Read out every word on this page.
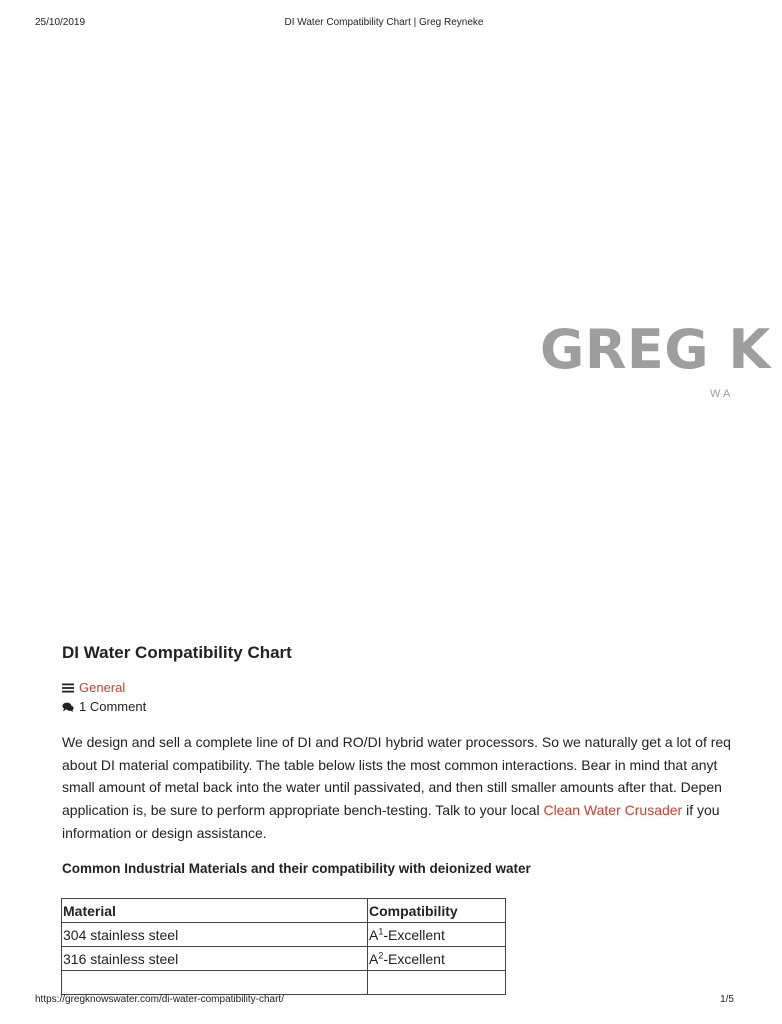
25/10/2019	DI Water Compatibility Chart | Greg Reyneke
GREG K
WA
DI Water Compatibility Chart
General
1 Comment

We design and sell a complete line of DI and RO/DI hybrid water processors. So we naturally get a lot of req
about DI material compatibility. The table below lists the most common interactions. Bear in mind that anyt
small amount of metal back into the water until passivated, and then still smaller amounts after that. Depen
application is, be sure to perform appropriate bench-testing. Talk to your local Clean Water Crusader if you
information or design assistance.

Common Industrial Materials and their compatibility with deionized water
Material	Compatibility
304 stainless steel	$A^1$-Excellent
316 stainless steel	$A^2$-Excellent

https://gregknowswater.com/di-water-compatibility-chart/	1/5
